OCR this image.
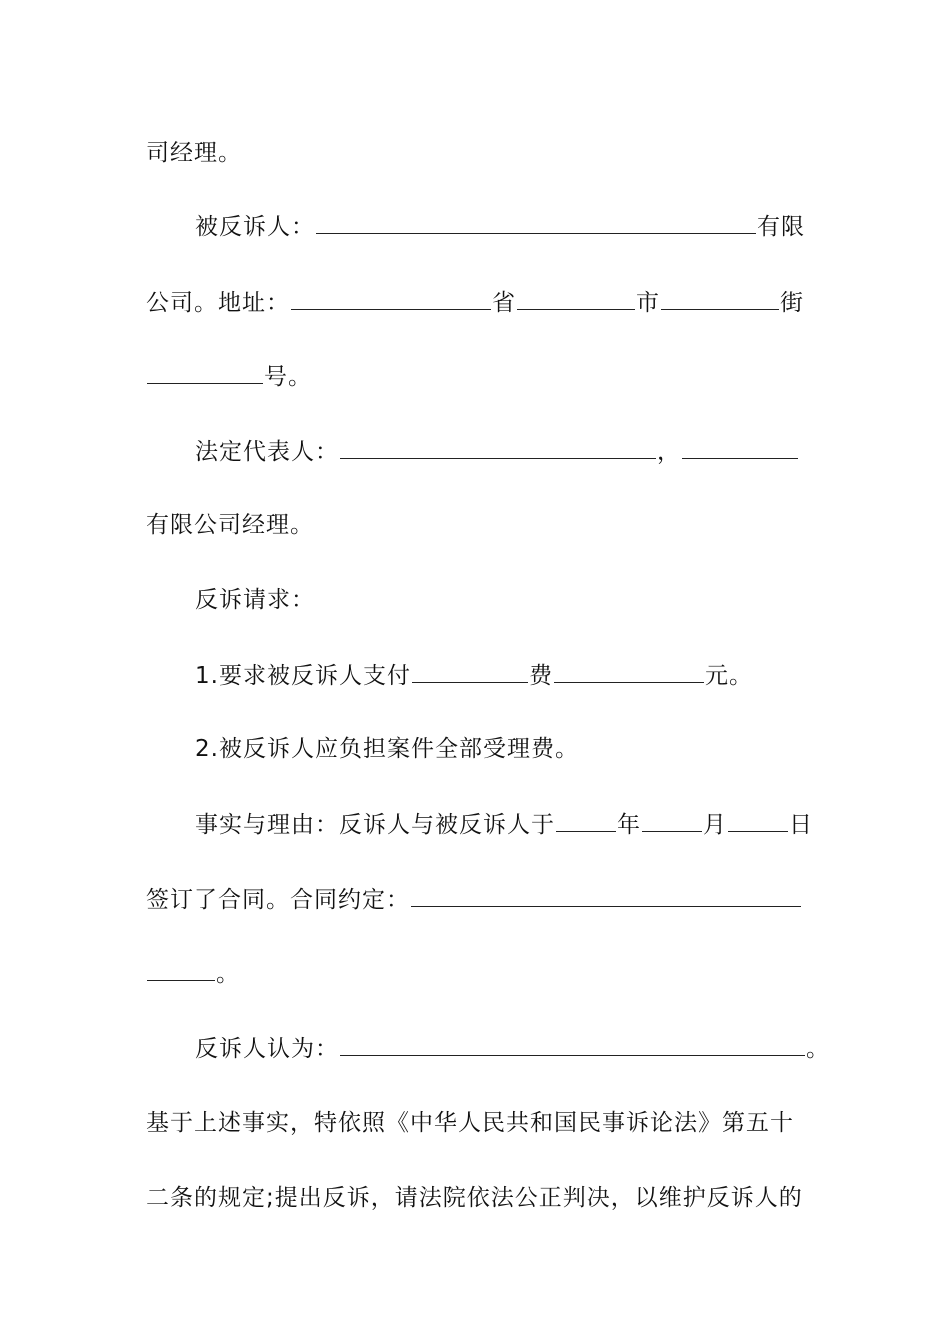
司经理。
被反诉人：	有限
公司。地址：	省	市	街
号。
法定代表人：	，
有限公司经理。
反诉请求：
1.要求被反诉人支付	费	元。
2.被反诉人应负担案件全部受理费。
事实与理由：反诉人与被反诉人于	年	月	日
签订了合同。合同约定：
。
反诉人认为：	。
基于上述事实，特依照《中华人民共和国民事诉论法》第五十
二条的规定;提出反诉，请法院依法公正判决，以维护反诉人的
